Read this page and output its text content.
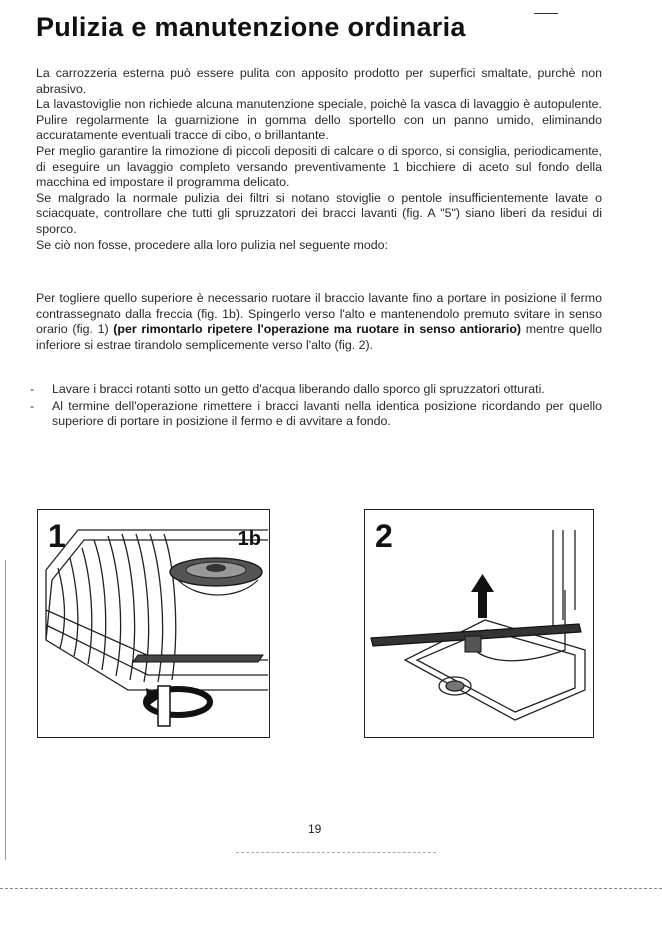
Pulizia e manutenzione ordinaria

La carrozzeria esterna può essere pulita con apposito prodotto per superfici smaltate, purchè non abrasivo.

La lavastoviglie non richiede alcuna manutenzione speciale, poichè la vasca di lavaggio è autopulente. Pulire regolarmente la guarnizione in gomma dello sportello con un panno umido, eliminando accuratamente eventuali tracce di cibo, o brillantante.

Per meglio garantire la rimozione di piccoli depositi di calcare o di sporco, si consiglia, periodicamente, di eseguire un lavaggio completo versando preventivamente 1 bicchiere di aceto sul fondo della macchina ed impostare il programma delicato.

Se malgrado la normale pulizia dei filtri si notano stoviglie o pentole insufficientemente lavate o sciacquate, controllare che tutti gli spruzzatori dei bracci lavanti (fig. A "5") siano liberi da residui di sporco.

Se ciò non fosse, procedere alla loro pulizia nel seguente modo:

Per togliere quello superiore è necessario ruotare il braccio lavante fino a portare in posizione il fermo contrassegnato dalla freccia (fig. 1b). Spingerlo verso l'alto e mantenendolo premuto svitare in senso orario (fig. 1) (per rimontarlo ripetere l'operazione ma ruotare in senso antiorario) mentre quello inferiore si estrae tirandolo semplicemente verso l'alto (fig. 2).

-	Lavare i bracci rotanti sotto un getto d'acqua liberando dallo sporco gli spruzzatori otturati.
-	Al termine dell'operazione rimettere i bracci lavanti nella identica posizione ricordando per quello superiore di portare in posizione il fermo e di avvitare a fondo.
1	1b	2
19
